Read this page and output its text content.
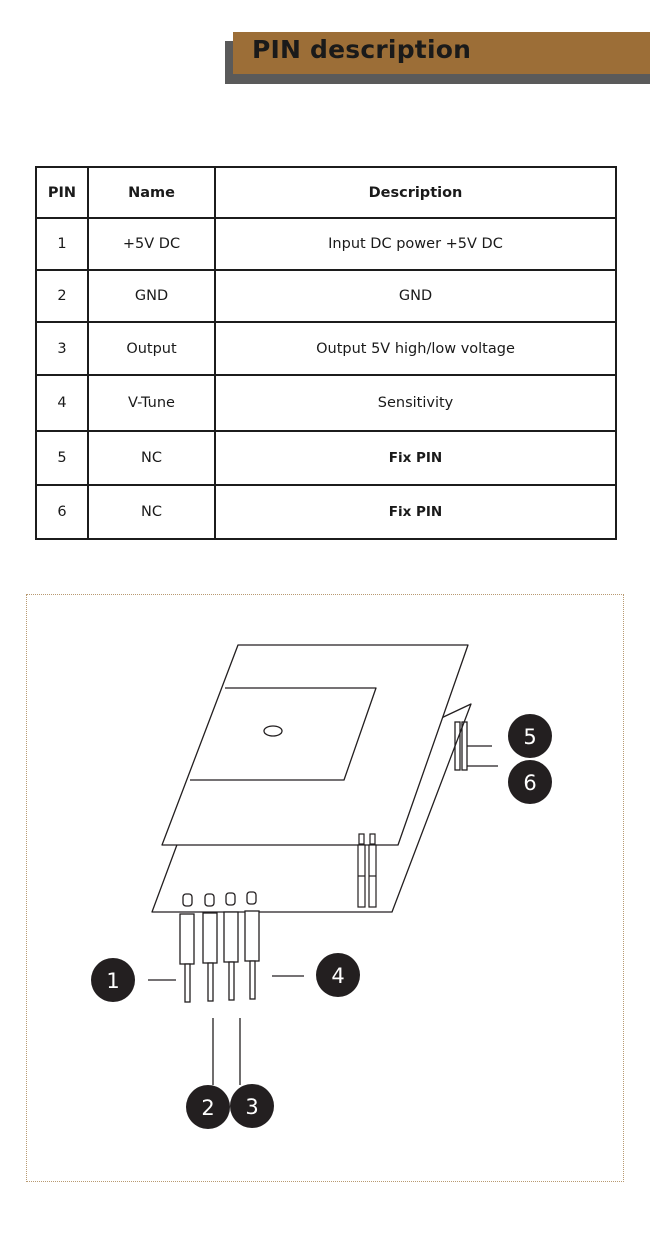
PIN description
PIN	Name	Description
1	+5V DC	Input DC power +5V DC
2	GND	GND
3	Output	Output 5V high/low voltage
4	V-Tune	Sensitivity
5	NC	Fix PIN
6	NC	Fix PIN
1
2 3
4
5
6
